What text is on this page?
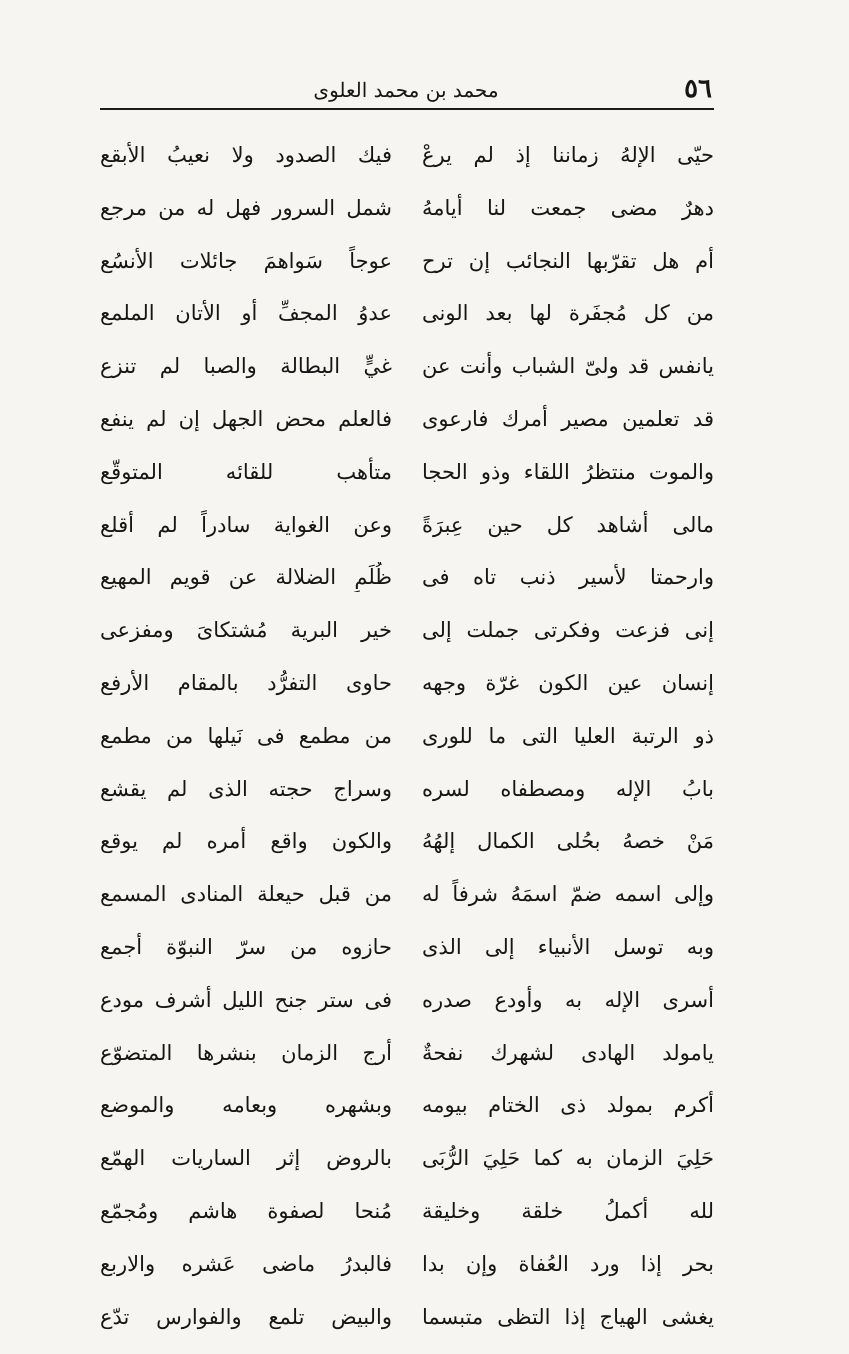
٥٦
محمد بن محمد العلوى
حيّى الإلهُ زماننا إذ لم يرعْ
فيك الصدود ولا نعيبُ الأبقع
دهرٌ مضى جمعت لنا أيامهُ
شمل السرور فهل له من مرجع
أم هل تقرّبها النجائب إن ترح
عوجاً سَواهمَ جائلات الأنسُع
من كل مُجفَرة لها بعد الونى
عدوُ المجفِّ أو الأتان الملمع
يانفس قد ولىّ الشباب وأنت عن
غيٍّ البطالة والصبا لم تنزع
قد تعلمين مصير أمرك فارعوى
فالعلم محض الجهل إن لم ينفع
والموت منتظرُ اللقاء وذو الحجا
متأهب للقائه المتوقّع
مالى أشاهد كل حين عِبرَةً
وعن الغواية سادراً لم أقلع
وارحمتا لأسير ذنب تاه فى
ظُلَمِ الضلالة عن قويم المهيع
إنى فزعت وفكرتى جملت إلى
خير البرية مُشتكاىَ ومفزعى
إنسان عين الكون غرّة وجهه
حاوى التفرُّد بالمقام الأرفع
ذو الرتبة العليا التى ما للورى
من مطمع فى نَيلها من مطمع
بابُ الإله ومصطفاه لسره
وسراج حجته الذى لم يقشع
مَنْ خصهُ بحُلى الكمال إلهُهُ
والكون واقع أمره لم يوقع
وإلى اسمه ضمّ اسمَهُ شرفاً له
من قبل حيعلة المنادى المسمع
وبه توسل الأنبياء إلى الذى
حازوه من سرّ النبوّة أجمع
أسرى الإله به وأودع صدره
فى ستر جنح الليل أشرف مودع
يامولد الهادى لشهرك نفحةٌ
أرج الزمان بنشرها المتضوّع
أكرم بمولد ذى الختام بيومه
وبشهره وبعامه والموضع
حَلِيَ الزمان به كما حَلِيَ الرُّبَى
بالروض إثر الساريات الهمّع
لله أكملُ خلقة وخليقة
مُنحا لصفوة هاشم ومُجمّع
بحر إذا ورد العُفاة وإن بدا
فالبدرُ ماضى عَشره والاربع
يغشى الهياج إذا التظى متبسما
والبيض تلمع والفوارس تدّع
